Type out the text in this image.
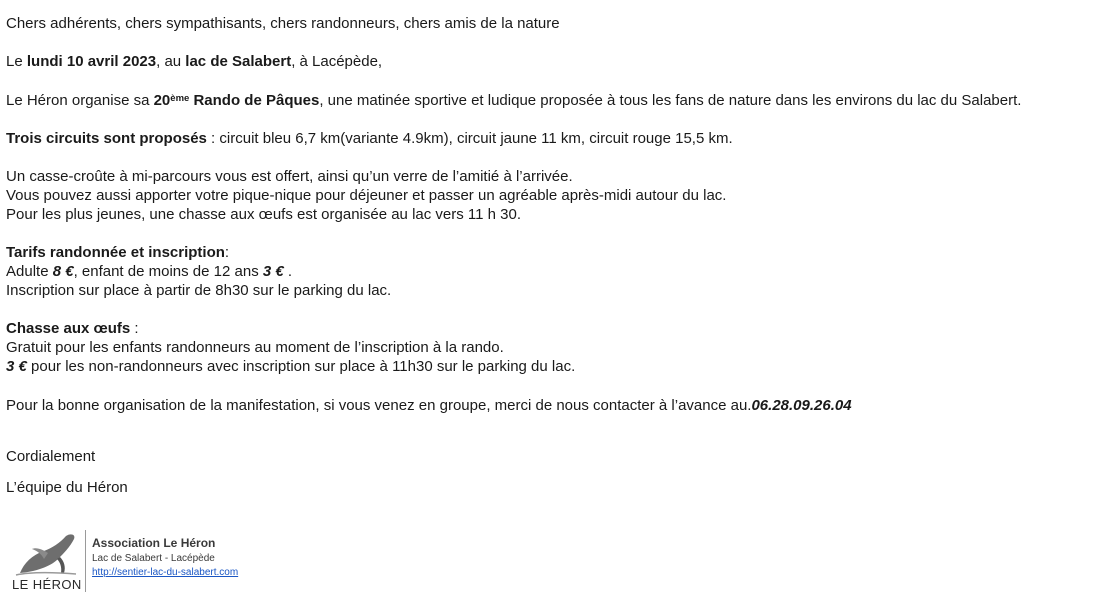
Chers adhérents, chers sympathisants, chers randonneurs, chers amis de la nature
Le lundi 10 avril 2023, au lac de Salabert, à Lacépède,
Le Héron organise sa 20ème Rando de Pâques, une matinée sportive et ludique proposée à tous les fans de nature dans les environs du lac du Salabert.
Trois circuits sont proposés : circuit bleu 6,7 km(variante 4.9km), circuit jaune 11 km, circuit rouge 15,5 km.
Un casse-croûte à mi-parcours vous est offert, ainsi qu’un verre de l’amitié à l’arrivée.
Vous pouvez aussi apporter votre pique-nique pour déjeuner et passer un agréable après-midi autour du lac.
Pour les plus jeunes, une chasse aux œufs est organisée au lac vers 11 h 30.
Tarifs randonnée et inscription:
Adulte 8 €, enfant de moins de 12 ans 3 € .
Inscription sur place à partir de 8h30 sur le parking du lac.
Chasse aux œufs :
Gratuit pour les enfants randonneurs au moment de l’inscription à la rando.
3 € pour les non-randonneurs avec inscription sur place à 11h30 sur le parking du lac.
Pour la bonne organisation de la manifestation, si vous venez en groupe, merci de nous contacter à l’avance au.06.28.09.26.04
Cordialement
L’équipe du Héron
LE HÉRON
Association Le Héron
Lac de Salabert - Lacépède
http://sentier-lac-du-salabert.com
